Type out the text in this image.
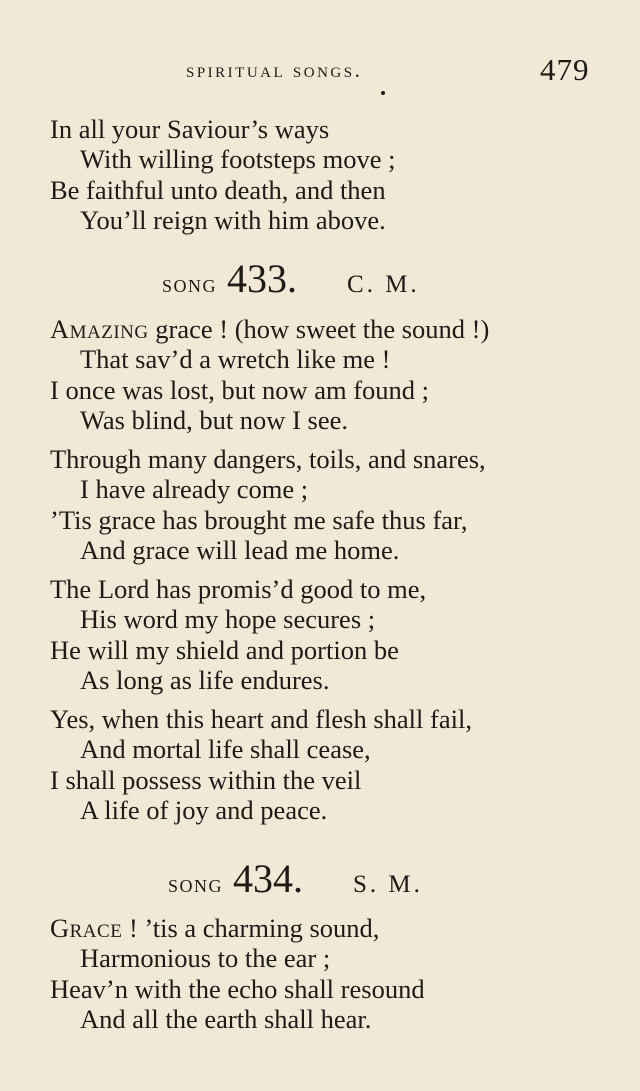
spiritual songs.	479
In all your Saviour’s ways
With willing footsteps move ;
Be faithful unto death, and then
You’ll reign with him above.
song 433. C. M.
Amazing grace ! (how sweet the sound !)
That sav’d a wretch like me !
I once was lost, but now am found ;
Was blind, but now I see.
Through many dangers, toils, and snares,
I have already come ;
’Tis grace has brought me safe thus far,
And grace will lead me home.
The Lord has promis’d good to me,
His word my hope secures ;
He will my shield and portion be
As long as life endures.
Yes, when this heart and flesh shall fail,
And mortal life shall cease,
I shall possess within the veil
A life of joy and peace.
song 434. S. M.
Grace ! ’tis a charming sound,
Harmonious to the ear ;
Heav’n with the echo shall resound
And all the earth shall hear.
